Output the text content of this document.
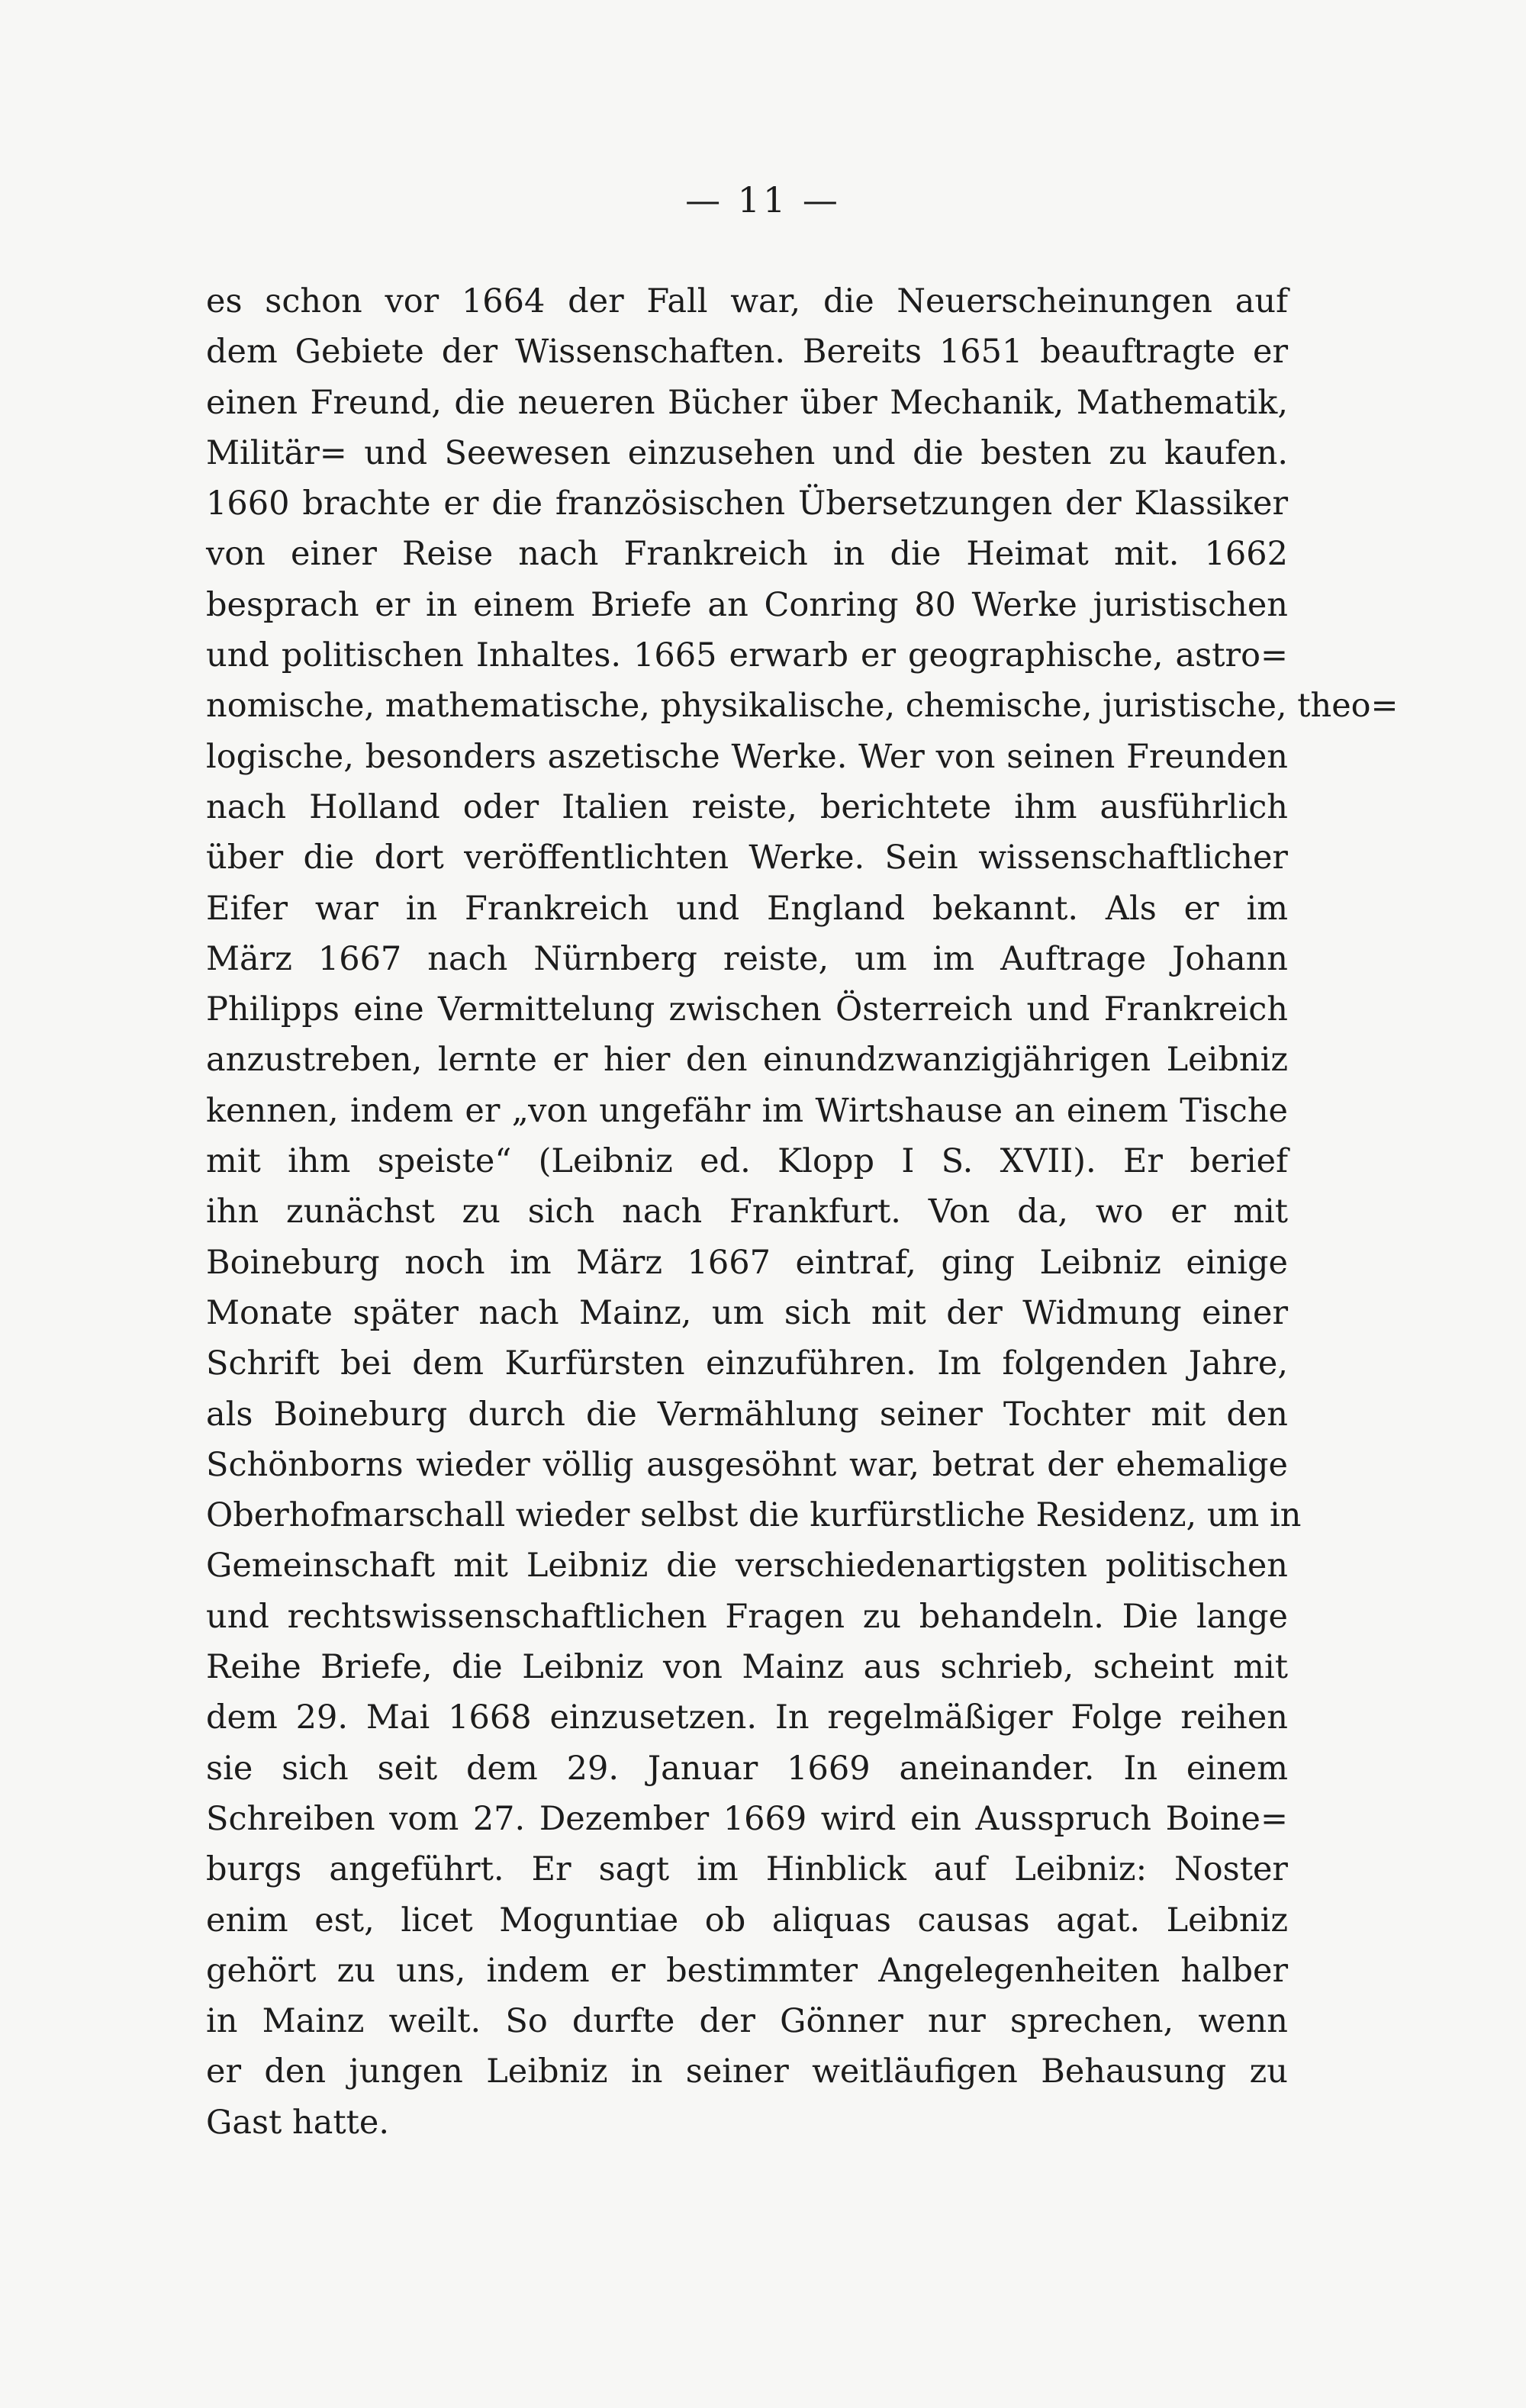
— 11 —
es schon vor 1664 der Fall war, die Neuerscheinungen auf
dem Gebiete der Wissenschaften. Bereits 1651 beauftragte er
einen Freund, die neueren Bücher über Mechanik, Mathematik,
Militär= und Seewesen einzusehen und die besten zu kaufen.
1660 brachte er die französischen Übersetzungen der Klassiker
von einer Reise nach Frankreich in die Heimat mit. 1662
besprach er in einem Briefe an Conring 80 Werke juristischen
und politischen Inhaltes. 1665 erwarb er geographische, astro=
nomische, mathematische, physikalische, chemische, juristische, theo=
logische, besonders aszetische Werke. Wer von seinen Freunden
nach Holland oder Italien reiste, berichtete ihm ausführlich
über die dort veröffentlichten Werke. Sein wissenschaftlicher
Eifer war in Frankreich und England bekannt. Als er im
März 1667 nach Nürnberg reiste, um im Auftrage Johann
Philipps eine Vermittelung zwischen Österreich und Frankreich
anzustreben, lernte er hier den einundzwanzigjährigen Leibniz
kennen, indem er „von ungefähr im Wirtshause an einem Tische
mit ihm speiste“ (Leibniz ed. Klopp I S. XVII). Er berief
ihn zunächst zu sich nach Frankfurt. Von da, wo er mit
Boineburg noch im März 1667 eintraf, ging Leibniz einige
Monate später nach Mainz, um sich mit der Widmung einer
Schrift bei dem Kurfürsten einzuführen. Im folgenden Jahre,
als Boineburg durch die Vermählung seiner Tochter mit den
Schönborns wieder völlig ausgesöhnt war, betrat der ehemalige
Oberhofmarschall wieder selbst die kurfürstliche Residenz, um in
Gemeinschaft mit Leibniz die verschiedenartigsten politischen
und rechtswissenschaftlichen Fragen zu behandeln. Die lange
Reihe Briefe, die Leibniz von Mainz aus schrieb, scheint mit
dem 29. Mai 1668 einzusetzen. In regelmäßiger Folge reihen
sie sich seit dem 29. Januar 1669 aneinander. In einem
Schreiben vom 27. Dezember 1669 wird ein Ausspruch Boine=
burgs angeführt. Er sagt im Hinblick auf Leibniz: Noster
enim est, licet Moguntiae ob aliquas causas agat. Leibniz
gehört zu uns, indem er bestimmter Angelegenheiten halber
in Mainz weilt. So durfte der Gönner nur sprechen, wenn
er den jungen Leibniz in seiner weitläufigen Behausung zu
Gast hatte.
